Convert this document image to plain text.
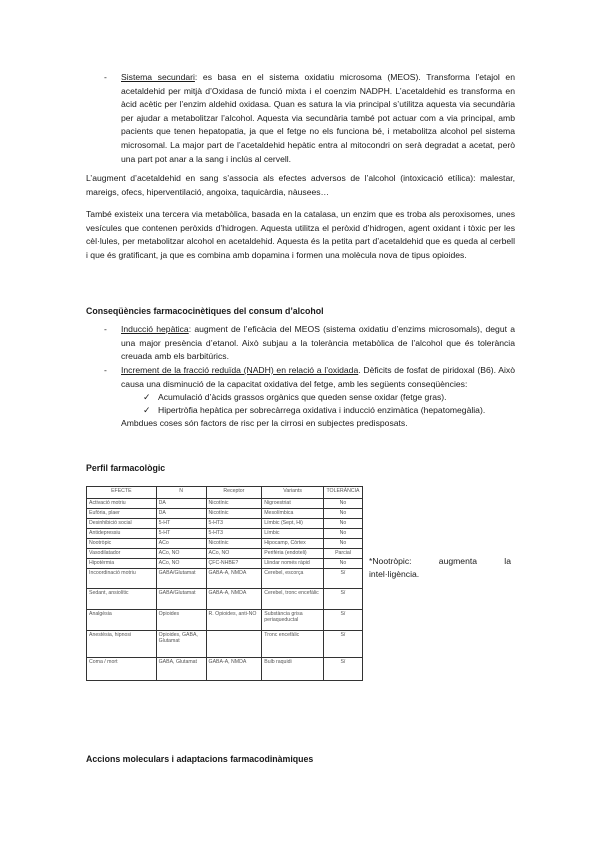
- Sistema secundari: es basa en el sistema oxidatiu microsoma (MEOS). Transforma l’etajol en acetaldehid per mitjà d’Oxidasa de funció mixta i el coenzim NADPH. L’acetaldehid es transforma en àcid acètic per l’enzim aldehid oxidasa. Quan es satura la via principal s’utilitza aquesta via secundària per ajudar a metabolitzar l’alcohol. Aquesta via secundària també pot actuar com a via principal, amb pacients que tenen hepatopatia, ja que el fetge no els funciona bé, i metabolitza alcohol pel sistema microsomal. La major part de l’acetaldehid hepàtic entra al mitocondri on serà degradat a acetat, però una part pot anar a la sang i inclús al cervell.

L’augment d’acetaldehid en sang s’associa als efectes adversos de l’alcohol (intoxicació etílica): malestar, mareigs, ofecs, hiperventilació, angoixa, taquicàrdia, nàusees…

També existeix una tercera via metabòlica, basada en la catalasa, un enzim que es troba als peroxisomes, unes vesícules que contenen peròxids d’hidrogen. Aquesta utilitza el peròxid d’hidrogen, agent oxidant i tòxic per les cèl·lules, per metabolitzar alcohol en acetaldehid. Aquesta és la petita part d’acetaldehid que es queda al cerbell i que és gratificant, ja que es combina amb dopamina i formen una molècula nova de tipus opioides.

Conseqüències farmacocinètiques del consum d’alcohol
- Inducció hepàtica: augment de l’eficàcia del MEOS (sistema oxidatiu d’enzims microsomals), degut a una major presència d’etanol. Això subjau a la tolerància metabòlica de l’alcohol que és tolerància creuada amb els barbitúrics.

- Increment de la fracció reduïda (NADH) en relació a l’oxidada. Dèficits de fosfat de piridoxal (B6). Això causa una disminució de la capacitat oxidativa del fetge, amb les següents conseqüències:

✓ Acumulació d’àcids grassos orgànics que queden sense oxidar (fetge gras).

✓ Hipertròfia hepàtica per sobrecàrrega oxidativa i inducció enzimàtica (hepatomegàlia).

Ambdues coses són factors de risc per la cirrosi en subjectes predisposats.

Perfil farmacològic
EFECTE	N	Receptor	Variants	TOLERÀNCIA
Activació motriu	DA	Nicotínic	Nigroestriat	No
Eufòria, plaer	DA	Nicotínic	Mesolímbica	No
Desinhibició social	5-HT	5-HT3	Límbic (Sept, Hi)	No
Antidepressiu	5-HT	5-HT3	Límbic	No
Nootròpic	ACo	Nicotínic	Hipocamp, Còrtex	No
Vasodilatador	ACo, NO	ACo, NO	Perifèria (endoteli)	Parcial
Hipotèrmia	ACo, NO	ÇFC-NHBE?	Llindar només ràpid	No
Incoordinació motriu	GABA/Glutamat	GABA-A, NMDA	Cerebel, escorça	Sí
Sedant, ansiolític	GABA/Glutamat	GABA-A, NMDA	Cerebel, tronc encefàlic	Sí
Analgèsia	Opioides	R. Opioides, anti-NO	Substància grisa periaqueductal	Sí
Anestèsia, hipnosi	Opioides, GABA, Glutamat		Tronc encefàlic	Sí
Coma / mort	GABA, Glutamat	GABA-A, NMDA	Bulb raquidi	Sí

*Nootròpic: augmenta la intel·ligència.

Accions moleculars i adaptacions farmacodinàmiques
